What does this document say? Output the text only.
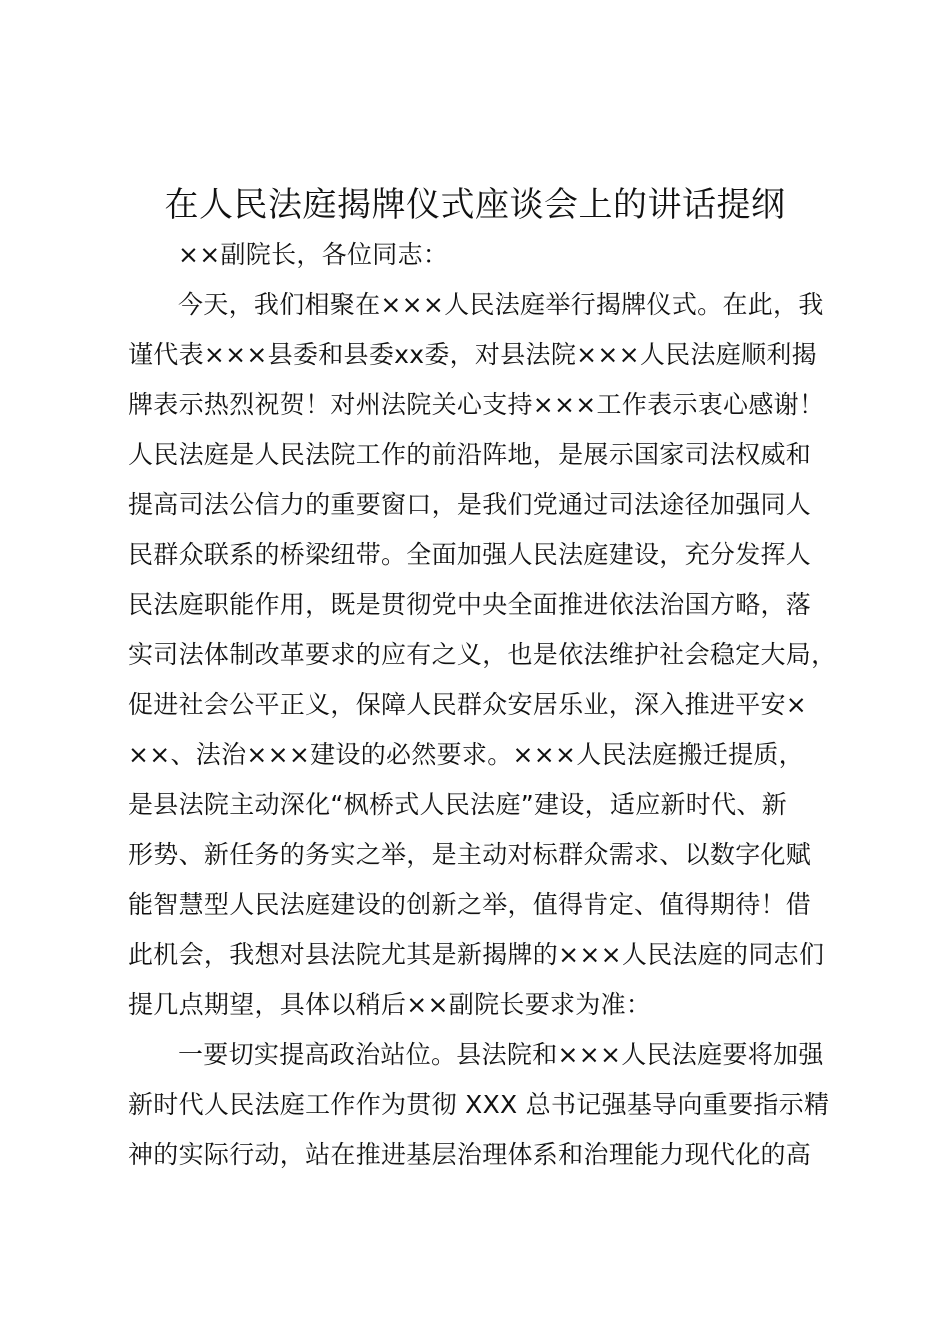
在人民法庭揭牌仪式座谈会上的讲话提纲
××副院长，各位同志：
今天，我们相聚在×××人民法庭举行揭牌仪式。在此，我
谨代表×××县委和县委xx委，对县法院×××人民法庭顺利揭
牌表示热烈祝贺！对州法院关心支持×××工作表示衷心感谢！
人民法庭是人民法院工作的前沿阵地，是展示国家司法权威和
提高司法公信力的重要窗口，是我们党通过司法途径加强同人
民群众联系的桥梁纽带。全面加强人民法庭建设，充分发挥人
民法庭职能作用，既是贯彻党中央全面推进依法治国方略，落
实司法体制改革要求的应有之义，也是依法维护社会稳定大局，
促进社会公平正义，保障人民群众安居乐业，深入推进平安×
××、法治×××建设的必然要求。×××人民法庭搬迁提质，
是县法院主动深化“枫桥式人民法庭”建设，适应新时代、新
形势、新任务的务实之举，是主动对标群众需求、以数字化赋
能智慧型人民法庭建设的创新之举，值得肯定、值得期待！借
此机会，我想对县法院尤其是新揭牌的×××人民法庭的同志们
提几点期望，具体以稍后××副院长要求为准：
一要切实提高政治站位。县法院和×××人民法庭要将加强
新时代人民法庭工作作为贯彻 XXX 总书记强基导向重要指示精
神的实际行动，站在推进基层治理体系和治理能力现代化的高
